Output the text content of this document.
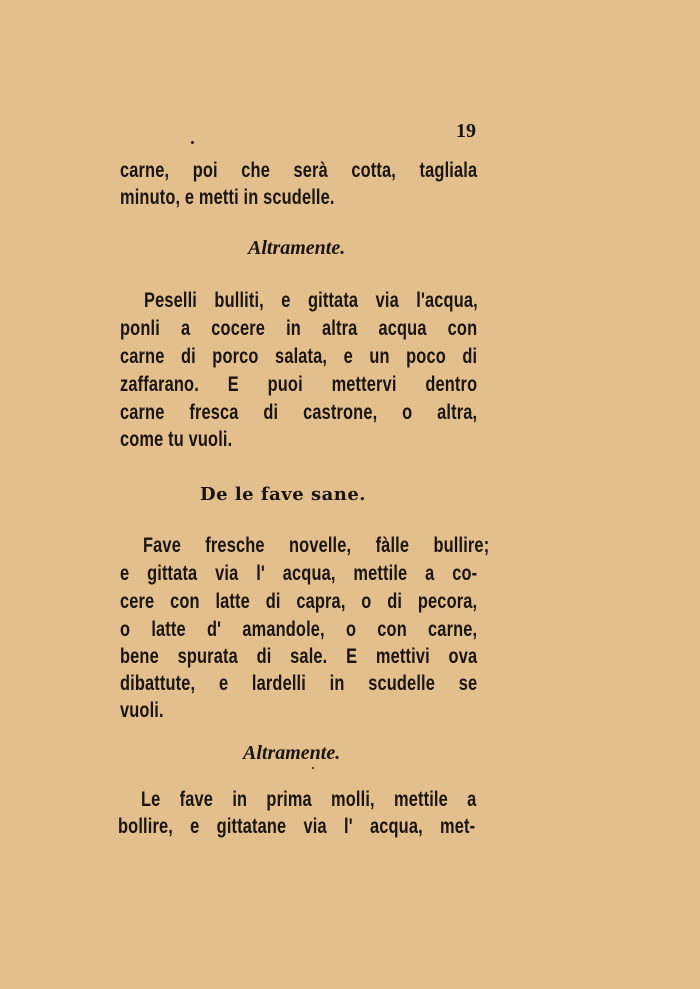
19
carne, poi che serà cotta, tagliala
minuto, e metti in scudelle.
Altramente.
Peselli bulliti, e gittata via l'acqua,
ponli a cocere in altra acqua con
carne di porco salata, e un poco di
zaffarano. E puoi mettervi dentro
carne fresca di castrone, o altra,
come tu vuoli.
De le fave sane.
Fave fresche novelle, fàlle bullire;
e gittata via l' acqua, mettile a co-
cere con latte di capra, o di pecora,
o latte d' amandole, o con carne,
bene spurata di sale. E mettivi ova
dibattute, e lardelli in scudelle se
vuoli.
Altramente.
Le fave in prima molli, mettile a
bollire, e gittatane via l' acqua, met-
